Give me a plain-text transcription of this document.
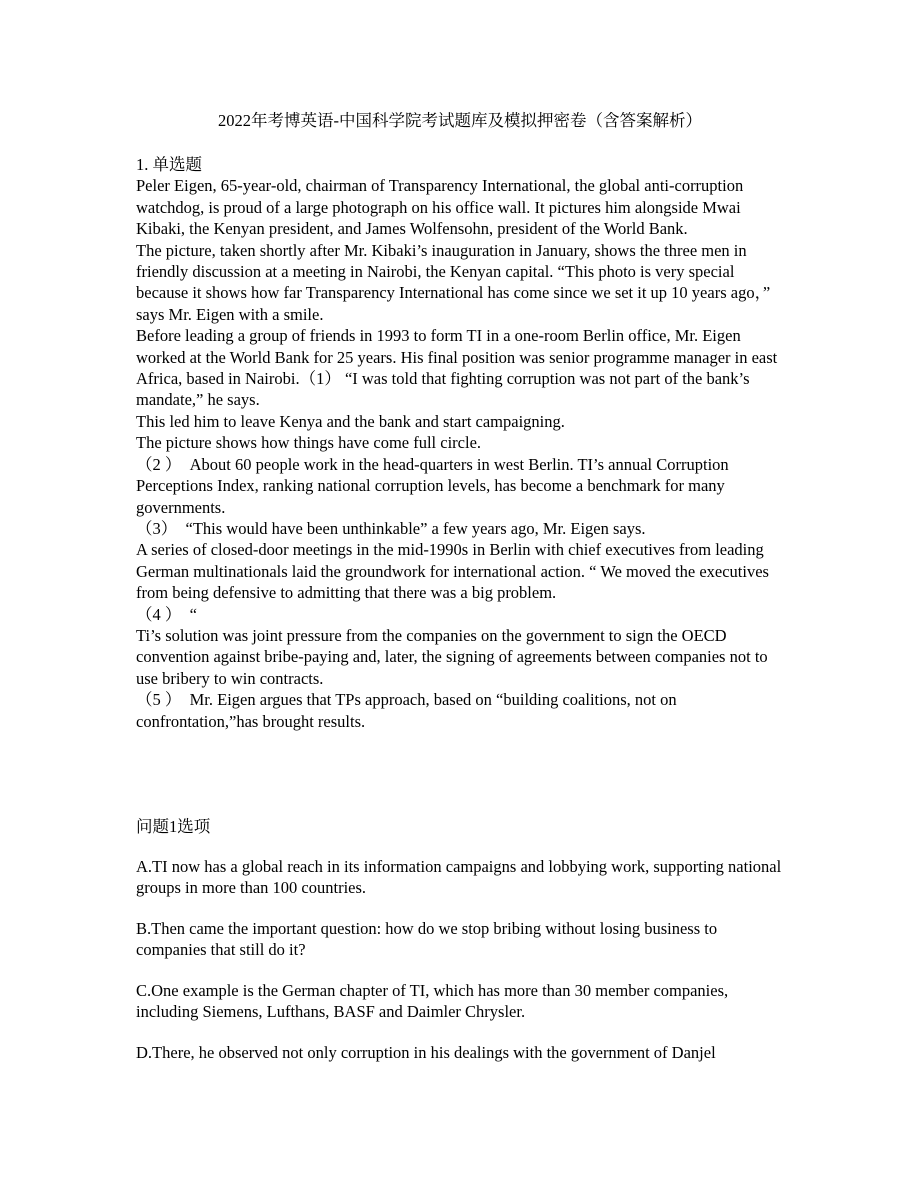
2022年考博英语-中国科学院考试题库及模拟押密卷（含答案解析）

1. 单选题

Peler Eigen, 65-year-old, chairman of Transparency International, the global anti-corruption watchdog, is proud of a large photograph on his office wall. It pictures him alongside Mwai Kibaki, the Kenyan president, and James Wolfensohn, president of the World Bank.

The picture, taken shortly after Mr. Kibaki’s inauguration in January, shows the three men in friendly discussion at a meeting in Nairobi, the Kenyan capital. “This photo is very special because it shows how far Transparency International has come since we set it up 10 years ago，” says Mr. Eigen with a smile.

Before leading a group of friends in 1993 to form TI in a one-room Berlin office, Mr. Eigen worked at the World Bank for 25 years. His final position was senior programme manager in east Africa, based in Nairobi.（1） “I was told that fighting corruption was not part of the bank’s mandate,” he says.

This led him to leave Kenya and the bank and start campaigning.

The picture shows how things have come full circle.

（2 ）　About 60 people work in the head-quarters in west Berlin. TI’s annual Corruption Perceptions Index, ranking national corruption levels, has become a benchmark for many governments.

（3）　“This would have been unthinkable” a few years ago, Mr. Eigen says.

A series of closed-door meetings in the mid-1990s in Berlin with chief executives from leading German multinationals laid the groundwork for international action. “ We moved the executives from being defensive to admitting that there was a big problem.

（4 ）　“

Ti’s solution was joint pressure from the companies on the government to sign the OECD convention against bribe-paying and, later, the signing of agreements between companies not to use bribery to win contracts.

（5 ）　Mr. Eigen argues that TPs approach, based on “building coalitions, not on confrontation,”has brought results.

问题1选项

A.TI now has a global reach in its information campaigns and lobbying work, supporting national groups in more than 100 countries.

B.Then came the important question: how do we stop bribing without losing business to companies that still do it?

C.One example is the German chapter of TI, which has more than 30 member companies, including Siemens, Lufthans, BASF and Daimler Chrysler.

D.There, he observed not only corruption in his dealings with the government of Danjel
